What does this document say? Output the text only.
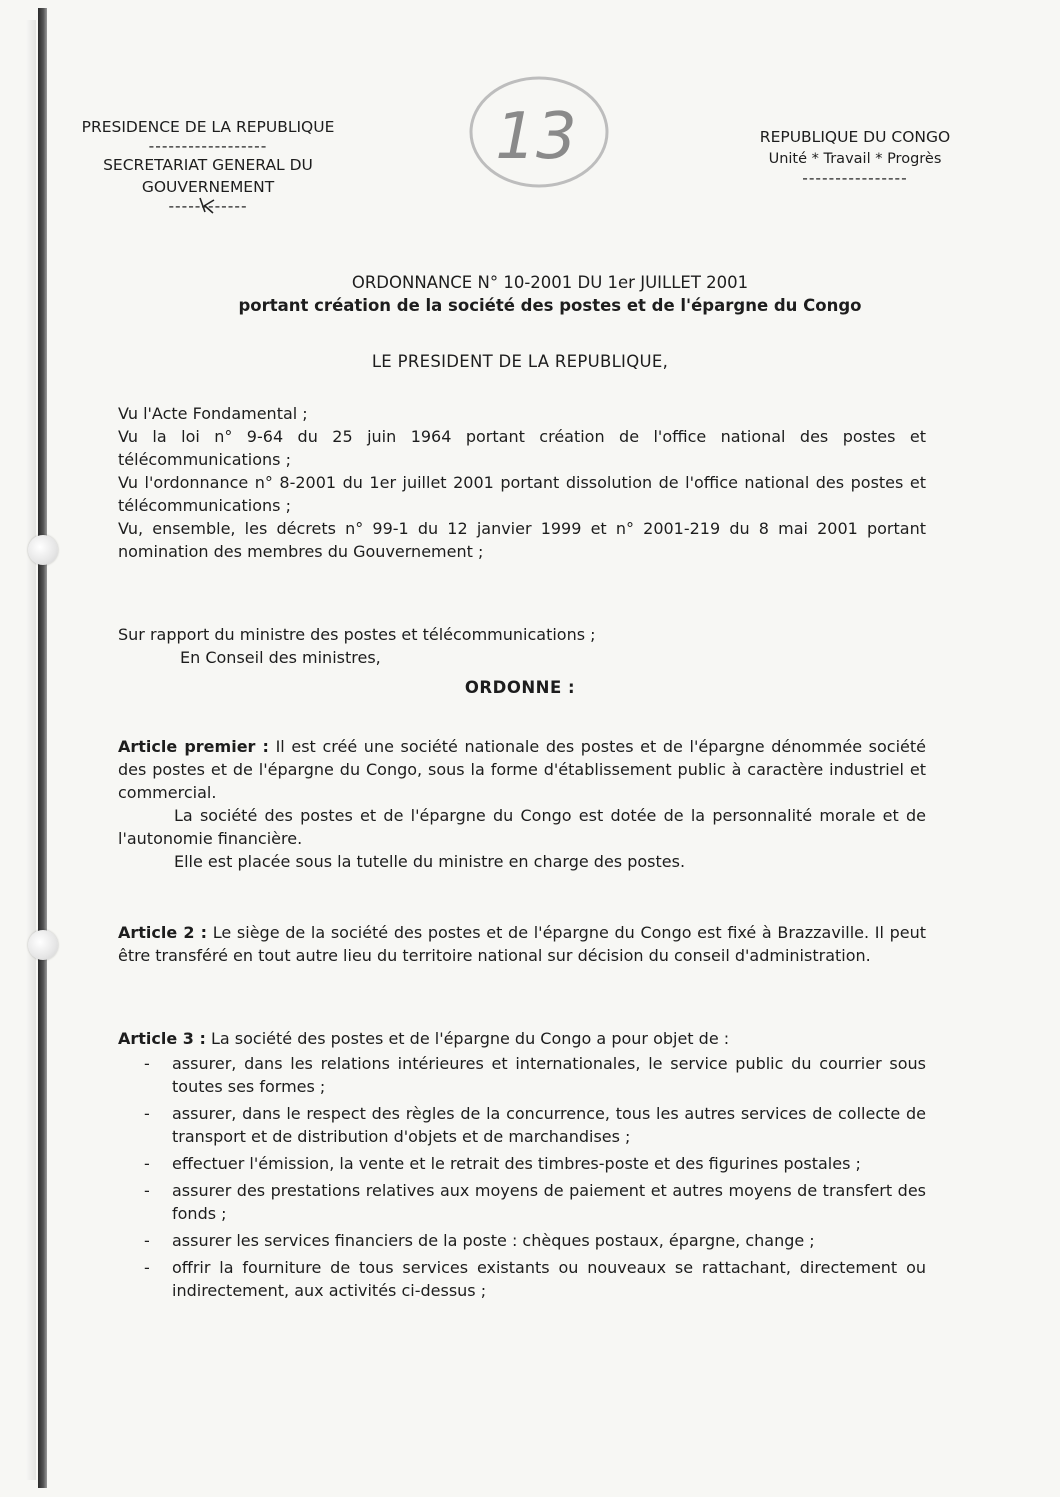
PRESIDENCE DE LA REPUBLIQUE
------------------
SECRETARIAT GENERAL DU
GOUVERNEMENT
------------
13	REPUBLIQUE DU CONGO
Unité * Travail * Progrès
----------------
ORDONNANCE N° 10-2001 DU 1er JUILLET 2001
portant création de la société des postes et de l'épargne du Congo
LE PRESIDENT DE LA REPUBLIQUE,

Vu l'Acte Fondamental ;

Vu la loi n° 9-64 du 25 juin 1964 portant création de l'office national des postes et télécommunications ;

Vu l'ordonnance n° 8-2001 du 1er juillet 2001 portant dissolution de l'office national des postes et télécommunications ;

Vu, ensemble, les décrets n° 99-1 du 12 janvier 1999 et n° 2001-219 du 8 mai 2001 portant nomination des membres du Gouvernement ;

Sur rapport du ministre des postes et télécommunications ;

En Conseil des ministres,

ORDONNE :

Article premier : Il est créé une société nationale des postes et de l'épargne dénommée société des postes et de l'épargne du Congo, sous la forme d'établissement public à caractère industriel et commercial.

La société des postes et de l'épargne du Congo est dotée de la personnalité morale et de l'autonomie financière.

Elle est placée sous la tutelle du ministre en charge des postes.

Article 2 : Le siège de la société des postes et de l'épargne du Congo est fixé à Brazzaville. Il peut être transféré en tout autre lieu du territoire national sur décision du conseil d'administration.

Article 3 : La société des postes et de l'épargne du Congo a pour objet de :

- assurer, dans les relations intérieures et internationales, le service public du courrier sous toutes ses formes ;
- assurer, dans le respect des règles de la concurrence, tous les autres services de collecte de transport et de distribution d'objets et de marchandises ;
- effectuer l'émission, la vente et le retrait des timbres-poste et des figurines postales ;
- assurer des prestations relatives aux moyens de paiement et autres moyens de transfert des fonds ;
- assurer les services financiers de la poste : chèques postaux, épargne, change ;
- offrir la fourniture de tous services existants ou nouveaux se rattachant, directement ou indirectement, aux activités ci-dessus ;
